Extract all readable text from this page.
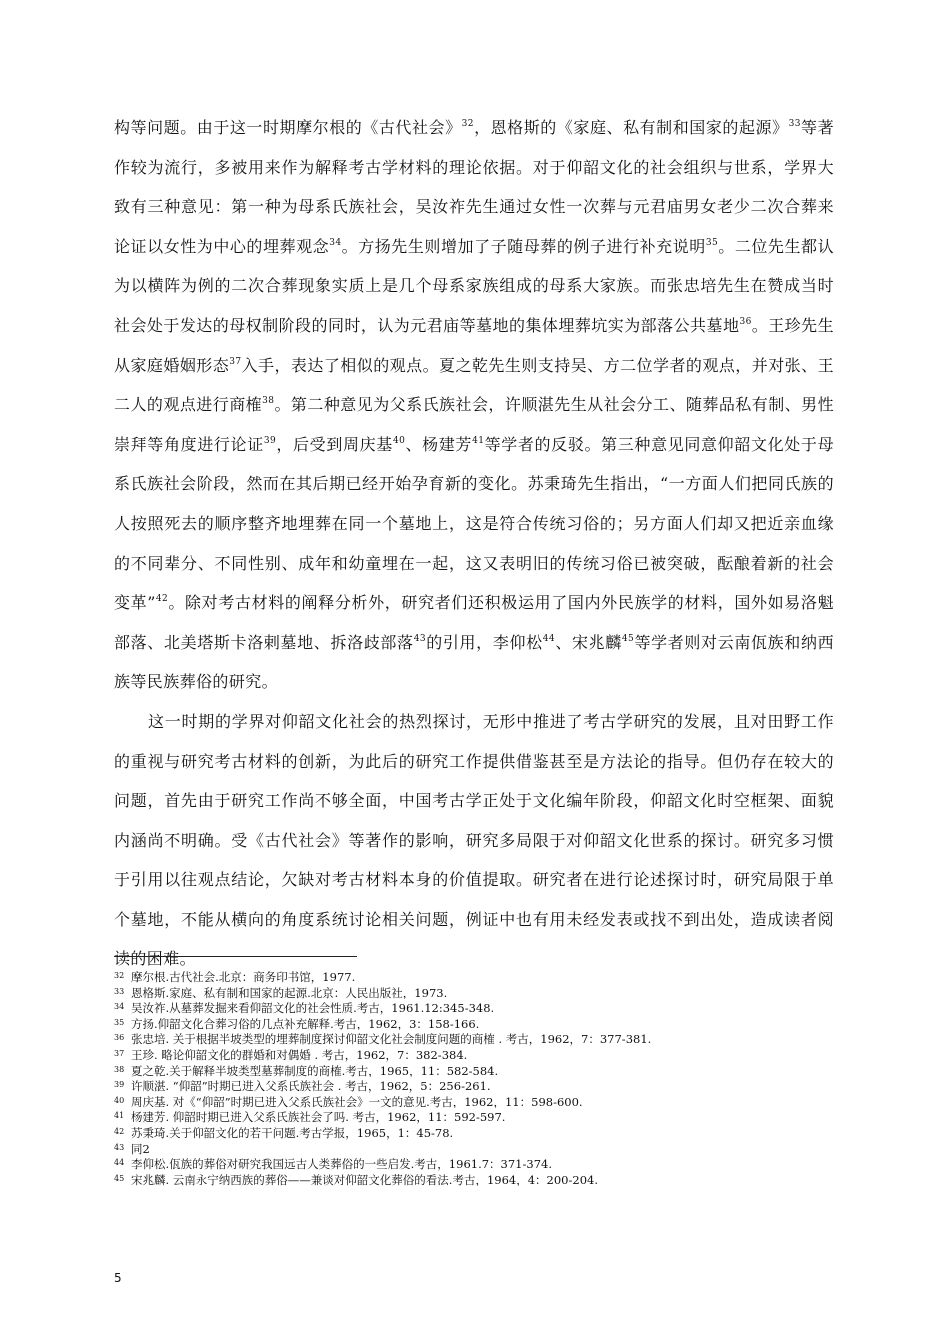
构等问题。由于这一时期摩尔根的《古代社会》$^{32}$，恩格斯的《家庭、私有制和国家的起源》$^{33}$等著作较为流行，多被用来作为解释考古学材料的理论依据。对于仰韶文化的社会组织与世系，学界大致有三种意见：第一种为母系氏族社会，吴汝祚先生通过女性一次葬与元君庙男女老少二次合葬来论证以女性为中心的埋葬观念$^{34}$。方扬先生则增加了子随母葬的例子进行补充说明$^{35}$。二位先生都认为以横阵为例的二次合葬现象实质上是几个母系家族组成的母系大家族。而张忠培先生在赞成当时社会处于发达的母权制阶段的同时，认为元君庙等墓地的集体埋葬坑实为部落公共墓地$^{36}$。王珍先生从家庭婚姻形态$^{37}$入手，表达了相似的观点。夏之乾先生则支持吴、方二位学者的观点，并对张、王二人的观点进行商榷$^{38}$。第二种意见为父系氏族社会，许顺湛先生从社会分工、随葬品私有制、男性崇拜等角度进行论证$^{39}$，后受到周庆基$^{40}$、杨建芳$^{41}$等学者的反驳。第三种意见同意仰韶文化处于母系氏族社会阶段，然而在其后期已经开始孕育新的变化。苏秉琦先生指出，“一方面人们把同氏族的人按照死去的顺序整齐地埋葬在同一个墓地上，这是符合传统习俗的；另方面人们却又把近亲血缘的不同辈分、不同性别、成年和幼童埋在一起，这又表明旧的传统习俗已被突破，酝酿着新的社会变革”$^{42}$。除对考古材料的阐释分析外，研究者们还积极运用了国内外民族学的材料，国外如易洛魁部落、北美塔斯卡洛剌墓地、拆洛歧部落$^{43}$的引用，李仰松$^{44}$、宋兆麟$^{45}$等学者则对云南佤族和纳西族等民族葬俗的研究。

这一时期的学界对仰韶文化社会的热烈探讨，无形中推进了考古学研究的发展，且对田野工作的重视与研究考古材料的创新，为此后的研究工作提供借鉴甚至是方法论的指导。但仍存在较大的问题，首先由于研究工作尚不够全面，中国考古学正处于文化编年阶段，仰韶文化时空框架、面貌内涵尚不明确。受《古代社会》等著作的影响，研究多局限于对仰韶文化世系的探讨。研究多习惯于引用以往观点结论，欠缺对考古材料本身的价值提取。研究者在进行论述探讨时，研究局限于单个墓地，不能从横向的角度系统讨论相关问题，例证中也有用未经发表或找不到出处，造成读者阅读的困难。

32 摩尔根.古代社会.北京：商务印书馆，1977.
33 恩格斯.家庭、私有制和国家的起源.北京：人民出版社，1973.
34 吴汝祚.从墓葬发掘来看仰韶文化的社会性质.考古，1961.12:345-348.
35 方扬.仰韶文化合葬习俗的几点补充解释.考古，1962，3：158-166.
36 张忠培. 关于根据半坡类型的埋葬制度探讨仰韶文化社会制度问题的商榷 . 考古，1962，7：377-381.
37 王珍. 略论仰韶文化的群婚和对偶婚 . 考古，1962，7：382-384.
38 夏之乾.关于解释半坡类型墓葬制度的商榷.考古，1965，11：582-584.
39 许顺湛. “仰韶”时期已进入父系氏族社会 . 考古，1962，5：256-261.
40 周庆基. 对《“仰韶”时期已进入父系氏族社会》一文的意见.考古，1962，11：598-600.
41 杨建芳. 仰韶时期已进入父系氏族社会了吗. 考古，1962，11：592-597.
42 苏秉琦.关于仰韶文化的若干问题.考古学报，1965，1：45-78.
43 同2
44 李仰松.佤族的葬俗对研究我国远古人类葬俗的一些启发.考古，1961.7：371-374.
45 宋兆麟. 云南永宁纳西族的葬俗——兼谈对仰韶文化葬俗的看法.考古，1964，4：200-204.
5
